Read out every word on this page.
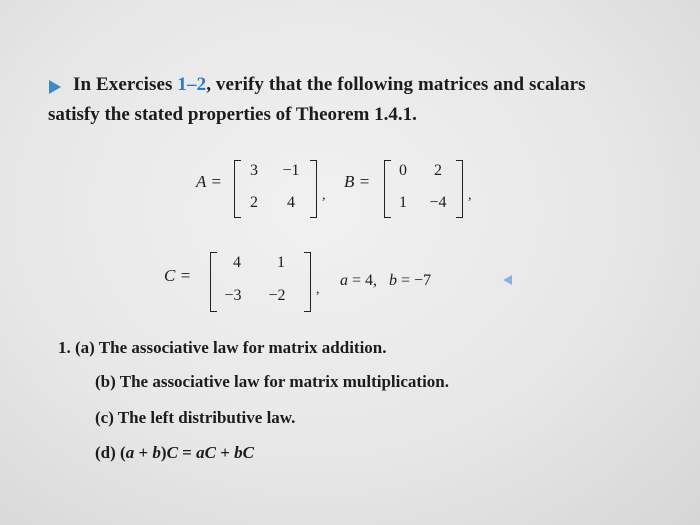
In Exercises 1–2, verify that the following matrices and scalars
satisfy the stated properties of Theorem 1.4.1.
A =
3	−1
2	4	,
B =
0	2
1	−4	,
C =
4	1
−3 −2	,
a = 4, b = −7
1. (a) The associative law for matrix addition.
(b) The associative law for matrix multiplication.
(c) The left distributive law.
(d) (a + b)C = aC + bC
